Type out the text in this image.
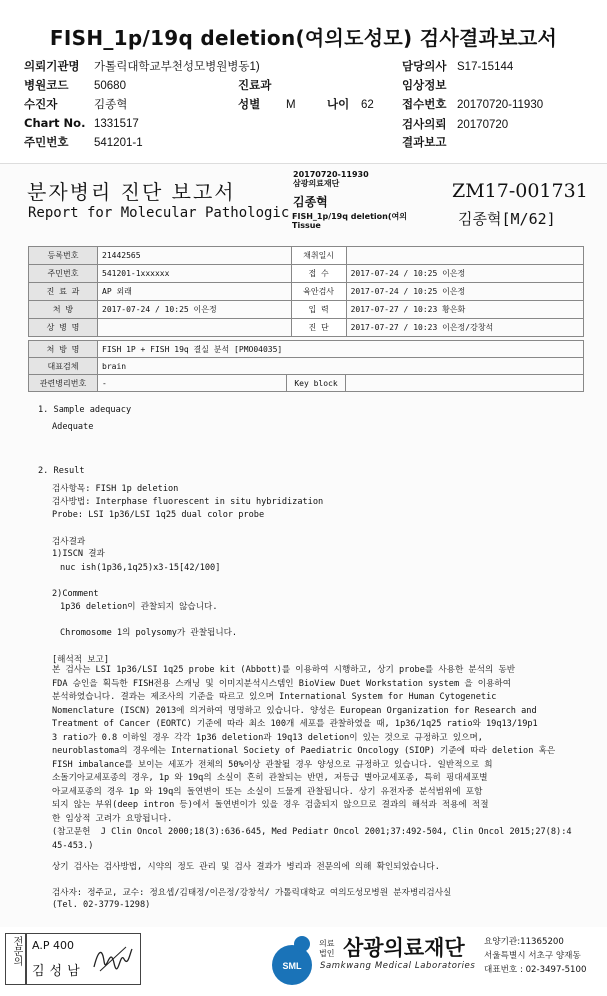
FISH_1p/19q deletion(여의도성모) 검사결과보고서
의뢰기관명 가톨릭대학교부천성모병원병동1)	담당의사 S17-15144
병원코드 50680	진료과	임상정보
수진자	김종혁	성별 M	나이 62 접수번호 20170720-11930
Chart No. 1331517	검사의뢰 20170720
주민번호 541201-1	결과보고
분자병리 진단 보고서
Report for Molecular Pathologic
20170720-11930
삼광의료재단
김종혁
FISH_1p/19q deletion(여의
Tissue
ZM17-001731
김종혁[M/62]
등록번호	21442565	채취일시	
주민번호	541201-1xxxxxx	접 수	2017-07-24 / 10:25 이은정
진 료 과	AP 외래	육안검사	2017-07-24 / 10:25 이은정
처 방	2017-07-24 / 10:25 이은정	입 력	2017-07-27 / 10:23 황은화
상 병 명		진 단	2017-07-27 / 10:23 이은정/강창석
처 방 명	FISH 1P + FISH 19q 결실 분석 [PMO04035]		
대표검체	brain		
관련병리번호	-	Key block	
1. Sample adequacy
Adequate
2. Result
검사항목: FISH 1p deletion
검사방법: Interphase fluorescent in situ hybridization
Probe: LSI 1p36/LSI 1q25 dual color probe
검사결과
1)ISCN 결과
nuc ish(1p36,1q25)x3-15[42/100]
2)Comment
1p36 deletion이 관찰되지 않습니다.
Chromosome 1의 polysomy가 관찰됩니다.
[해석적 보고]
본 검사는 LSI 1p36/LSI 1q25 probe kit (Abbott)를 이용하여 시행하고, 상기 probe를 사용한 분석의 동반
FDA 승인을 획득한 FISH전용 스캐닝 및 이미지분석시스템인 BioView Duet Workstation system 을 이용하여
분석하였습니다. 결과는 제조사의 기준을 따르고 있으며 International System for Human Cytogenetic
Nomenclature (ISCN) 2013에 의거하여 명명하고 있습니다. 양성은 European Organization for Research and
Treatment of Cancer (EORTC) 기준에 따라 최소 100개 세포를 관찰하였을 때, 1p36/1q25 ratio와 19q13/19p1
3 ratio가 0.8 이하일 경우 각각 1p36 deletion과 19q13 deletion이 있는 것으로 규정하고 있으며,
neuroblastoma의 경우에는 International Society of Paediatric Oncology (SIOP) 기준에 따라 deletion 혹은
FISH imbalance를 보이는 세포가 전체의 50%이상 관찰될 경우 양성으로 규정하고 있습니다. 일반적으로 희
소돌기아교세포종의 경우, 1p 와 19q의 소실이 흔히 관찰되는 반면, 저등급 별아교세포종, 특히 핑대세포별
아교세포종의 경우 1p 와 19q의 돌연변이 또는 소실이 드물게 관찰됩니다. 상기 유전자중 분석범위에 포함
되지 않는 부위(deep intron 등)에서 돌연변이가 있을 경우 검출되지 않으므로 결과의 해석과 적용에 적절
한 임상적 고려가 요망됩니다.
(참고문헌  J Clin Oncol 2000;18(3):636-645, Med Pediatr Oncol 2001;37:492-504, Clin Oncol 2015;27(8):4
45-453.)
상기 검사는 검사방법, 시약의 정도 관리 및 검사 결과가 병리과 전문의에 의해 확인되었습니다.
검사자: 정주교, 교수: 정요셉/김태정/이은정/강창석/ 가톨릭대학교 여의도성모병원 분자병리검사실
(Tel. 02-3779-1298)
전문의 A.P 400
김성남	SML
의료
법인 삼광의료재단
Samkwang Medical Laboratories
요양기관:11365200
서울특별시 서초구 양재동
대표번호 : 02-3497-5100
